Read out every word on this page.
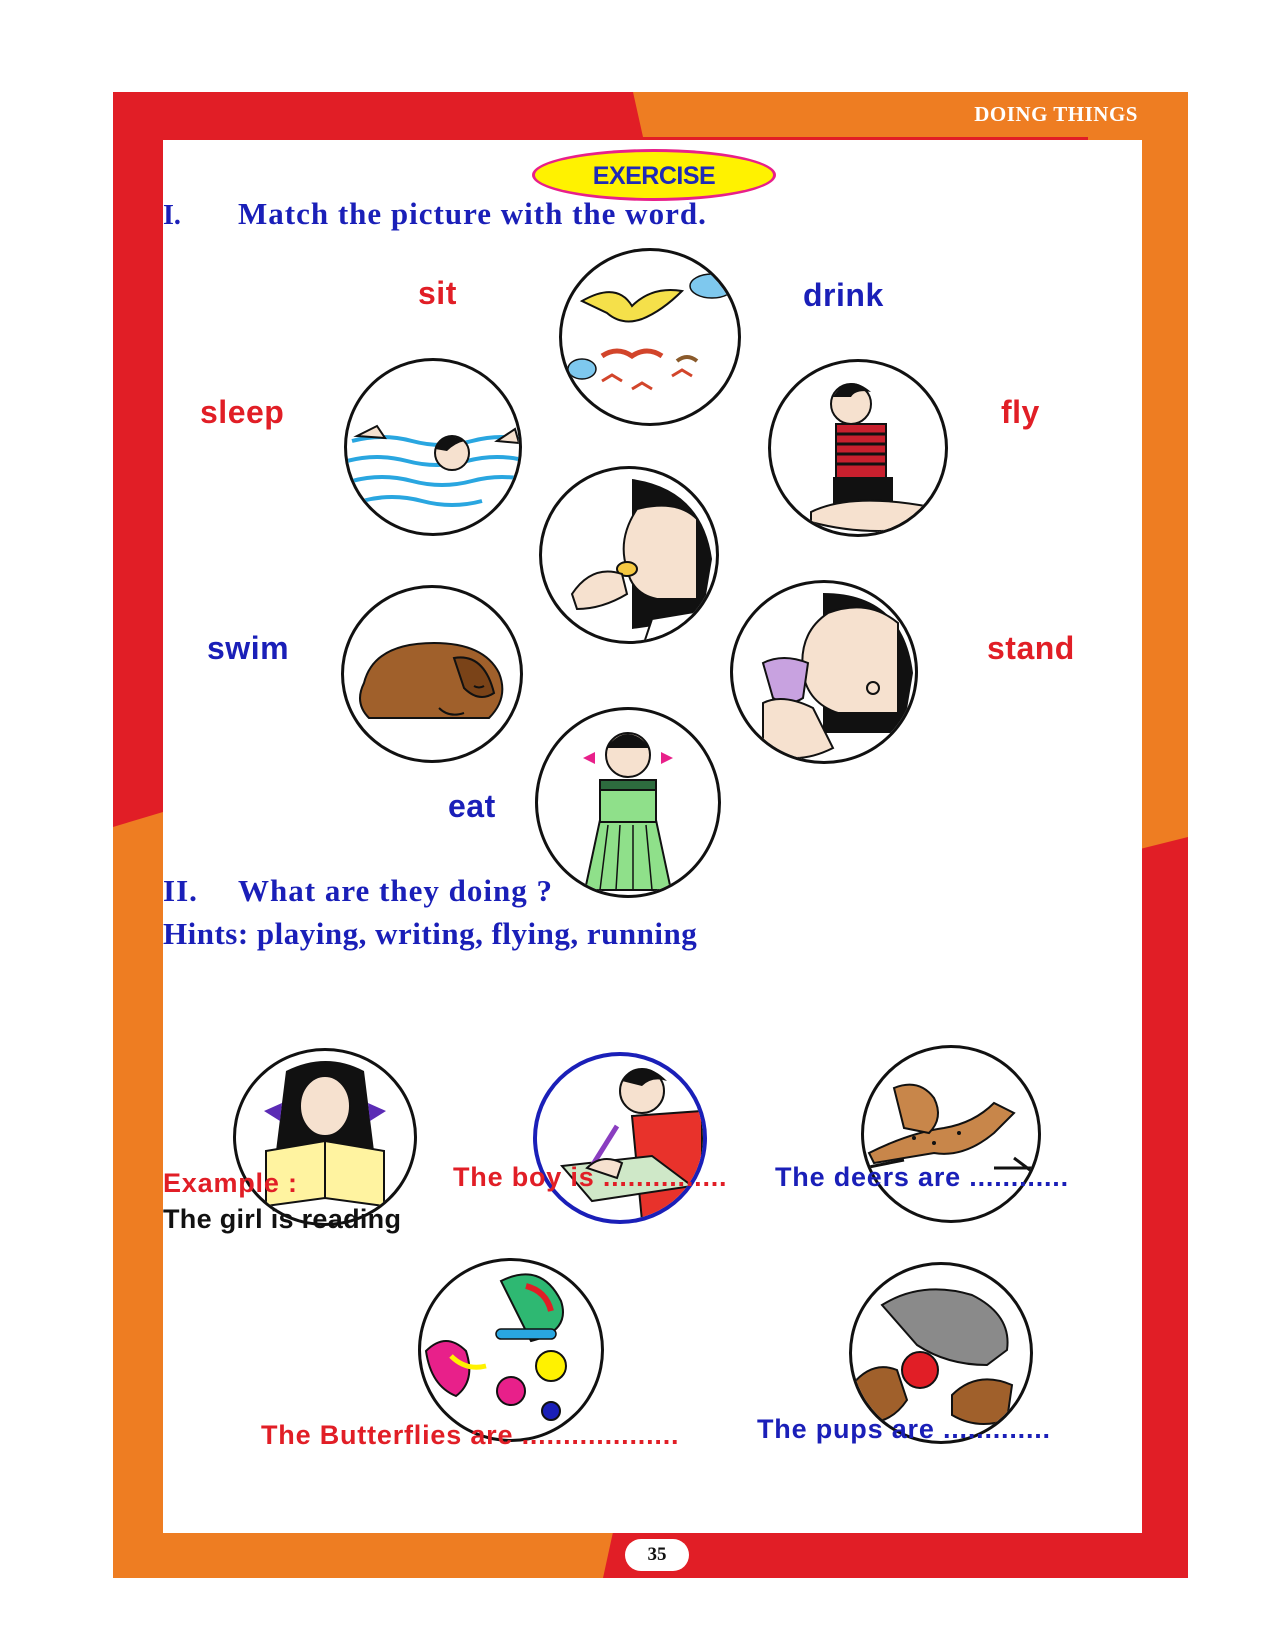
DOING THINGS
EXERCISE
I. Match the picture with the word.
sit	drink
sleep	fly
swim	stand
eat
II. What are they doing ?
Hints: playing, writing, flying, running
Example :
The girl is reading
The boy is ............... The deers are ............
The Butterflies are ...................	The pups are .............
35
